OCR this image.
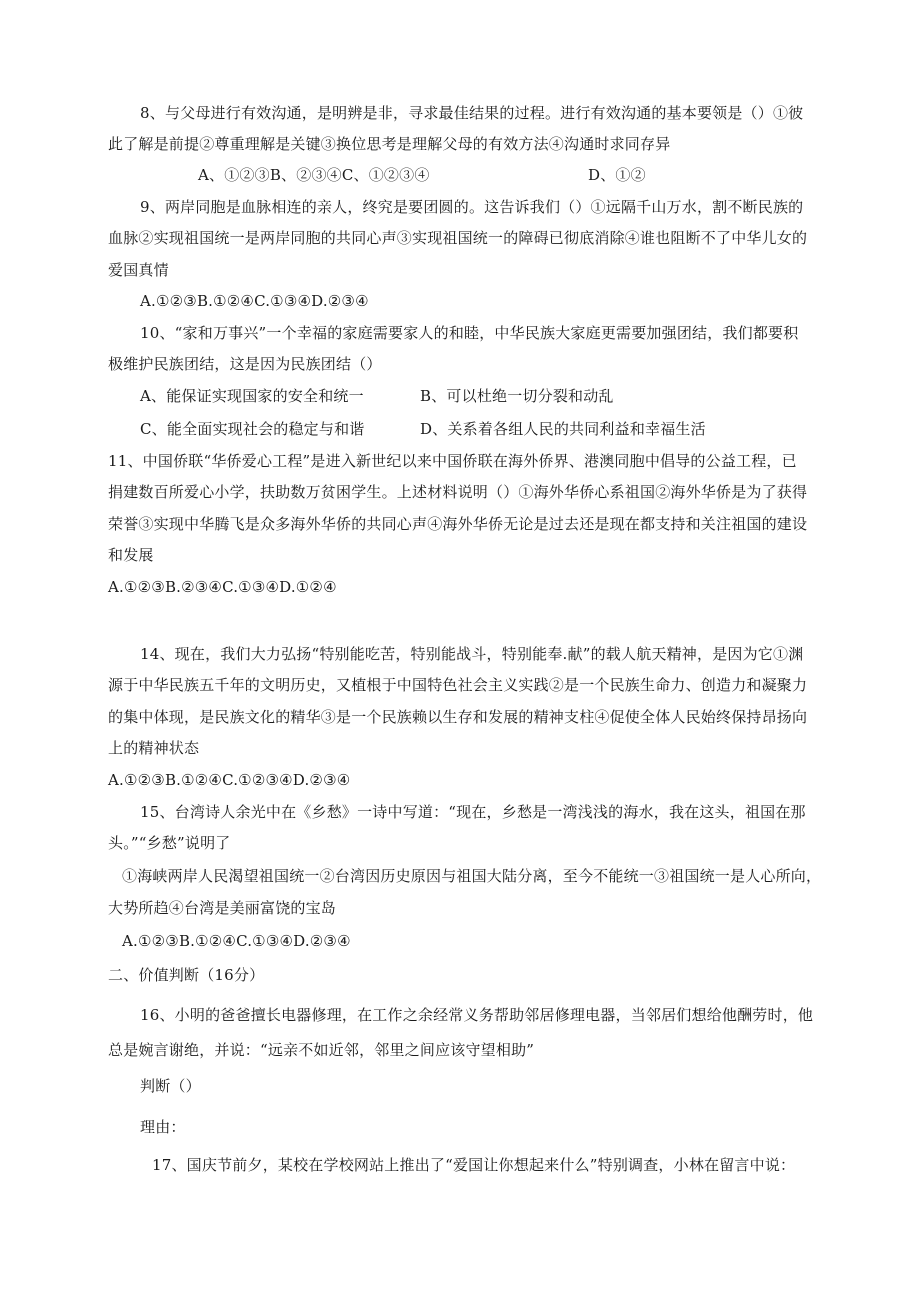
8、与父母进行有效沟通，是明辨是非，寻求最佳结果的过程。进行有效沟通的基本要领是（）①彼
此了解是前提②尊重理解是关键③换位思考是理解父母的有效方法④沟通时求同存异
A、①②③B、②③④C、①②③④	D、①②
9、两岸同胞是血脉相连的亲人，终究是要团圆的。这告诉我们（）①远隔千山万水，割不断民族的
血脉②实现祖国统一是两岸同胞的共同心声③实现祖国统一的障碍已彻底消除④谁也阻断不了中华儿女的
爱国真情
A.①②③B.①②④C.①③④D.②③④
10、“家和万事兴”一个幸福的家庭需要家人的和睦，中华民族大家庭更需要加强团结，我们都要积
极维护民族团结，这是因为民族团结（）
A、能保证实现国家的安全和统一	B、可以杜绝一切分裂和动乱
C、能全面实现社会的稳定与和谐	D、关系着各组人民的共同利益和幸福生活
11、中国侨联“华侨爱心工程”是进入新世纪以来中国侨联在海外侨界、港澳同胞中倡导的公益工程，已
捐建数百所爱心小学，扶助数万贫困学生。上述材料说明（）①海外华侨心系祖国②海外华侨是为了获得
荣誉③实现中华腾飞是众多海外华侨的共同心声④海外华侨无论是过去还是现在都支持和关注祖国的建设
和发展
A.①②③B.②③④C.①③④D.①②④
14、现在，我们大力弘扬“特别能吃苦，特别能战斗，特别能奉.献”的载人航天精神，是因为它①渊
源于中华民族五千年的文明历史，又植根于中国特色社会主义实践②是一个民族生命力、创造力和凝聚力
的集中体现，是民族文化的精华③是一个民族赖以生存和发展的精神支柱④促使全体人民始终保持昂扬向
上的精神状态
A.①②③B.①②④C.①②③④D.②③④
15、台湾诗人余光中在《乡愁》一诗中写道：“现在，乡愁是一湾浅浅的海水，我在这头，祖国在那
头。”“乡愁”说明了
①海峡两岸人民渴望祖国统一②台湾因历史原因与祖国大陆分离，至今不能统一③祖国统一是人心所向，
大势所趋④台湾是美丽富饶的宝岛
A.①②③B.①②④C.①③④D.②③④
二、价值判断（16分）
16、小明的爸爸擅长电器修理，在工作之余经常义务帮助邻居修理电器，当邻居们想给他酬劳时，他
总是婉言谢绝，并说：“远亲不如近邻，邻里之间应该守望相助”
判断（）
理由：
17、国庆节前夕，某校在学校网站上推出了“爱国让你想起来什么”特别调查，小林在留言中说：
